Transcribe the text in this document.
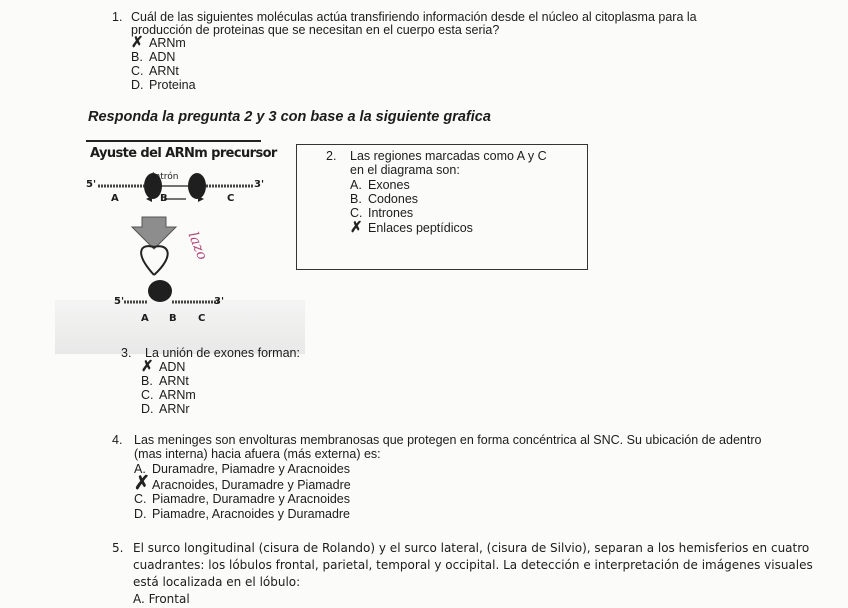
1. Cuál de las siguientes moléculas actúa transfiriendo información desde el núcleo al citoplasma para la
producción de proteinas que se necesitan en el cuerpo esta seria?
✗ ARNm
B. ADN
C. ARNt
D. Proteina
Responda la pregunta 2 y 3 con base a la siguiente grafica
Ayuste del ARNm precursor
5'	3'
intrón
A	B	C
lazo
5'	3'
A B C
2. Las regiones marcadas como A y C
en el diagrama son:
A. Exones
B. Codones
C. Intrones
✗ Enlaces peptídicos
3. La unión de exones forman:
✗ ADN
B. ARNt
C. ARNm
D. ARNr
4. Las meninges son envolturas membranosas que protegen en forma concéntrica al SNC. Su ubicación de adentro
(mas interna) hacia afuera (más externa) es:
A. Duramadre, Piamadre y Aracnoides
✗ Aracnoides, Duramadre y Piamadre
C. Piamadre, Duramadre y Aracnoides
D. Piamadre, Aracnoides y Duramadre
5. El surco longitudinal (cisura de Rolando) y el surco lateral, (cisura de Silvio), separan a los hemisferios en cuatro
cuadrantes: los lóbulos frontal, parietal, temporal y occipital. La detección e interpretación de imágenes visuales
está localizada en el lóbulo:
A. Frontal
